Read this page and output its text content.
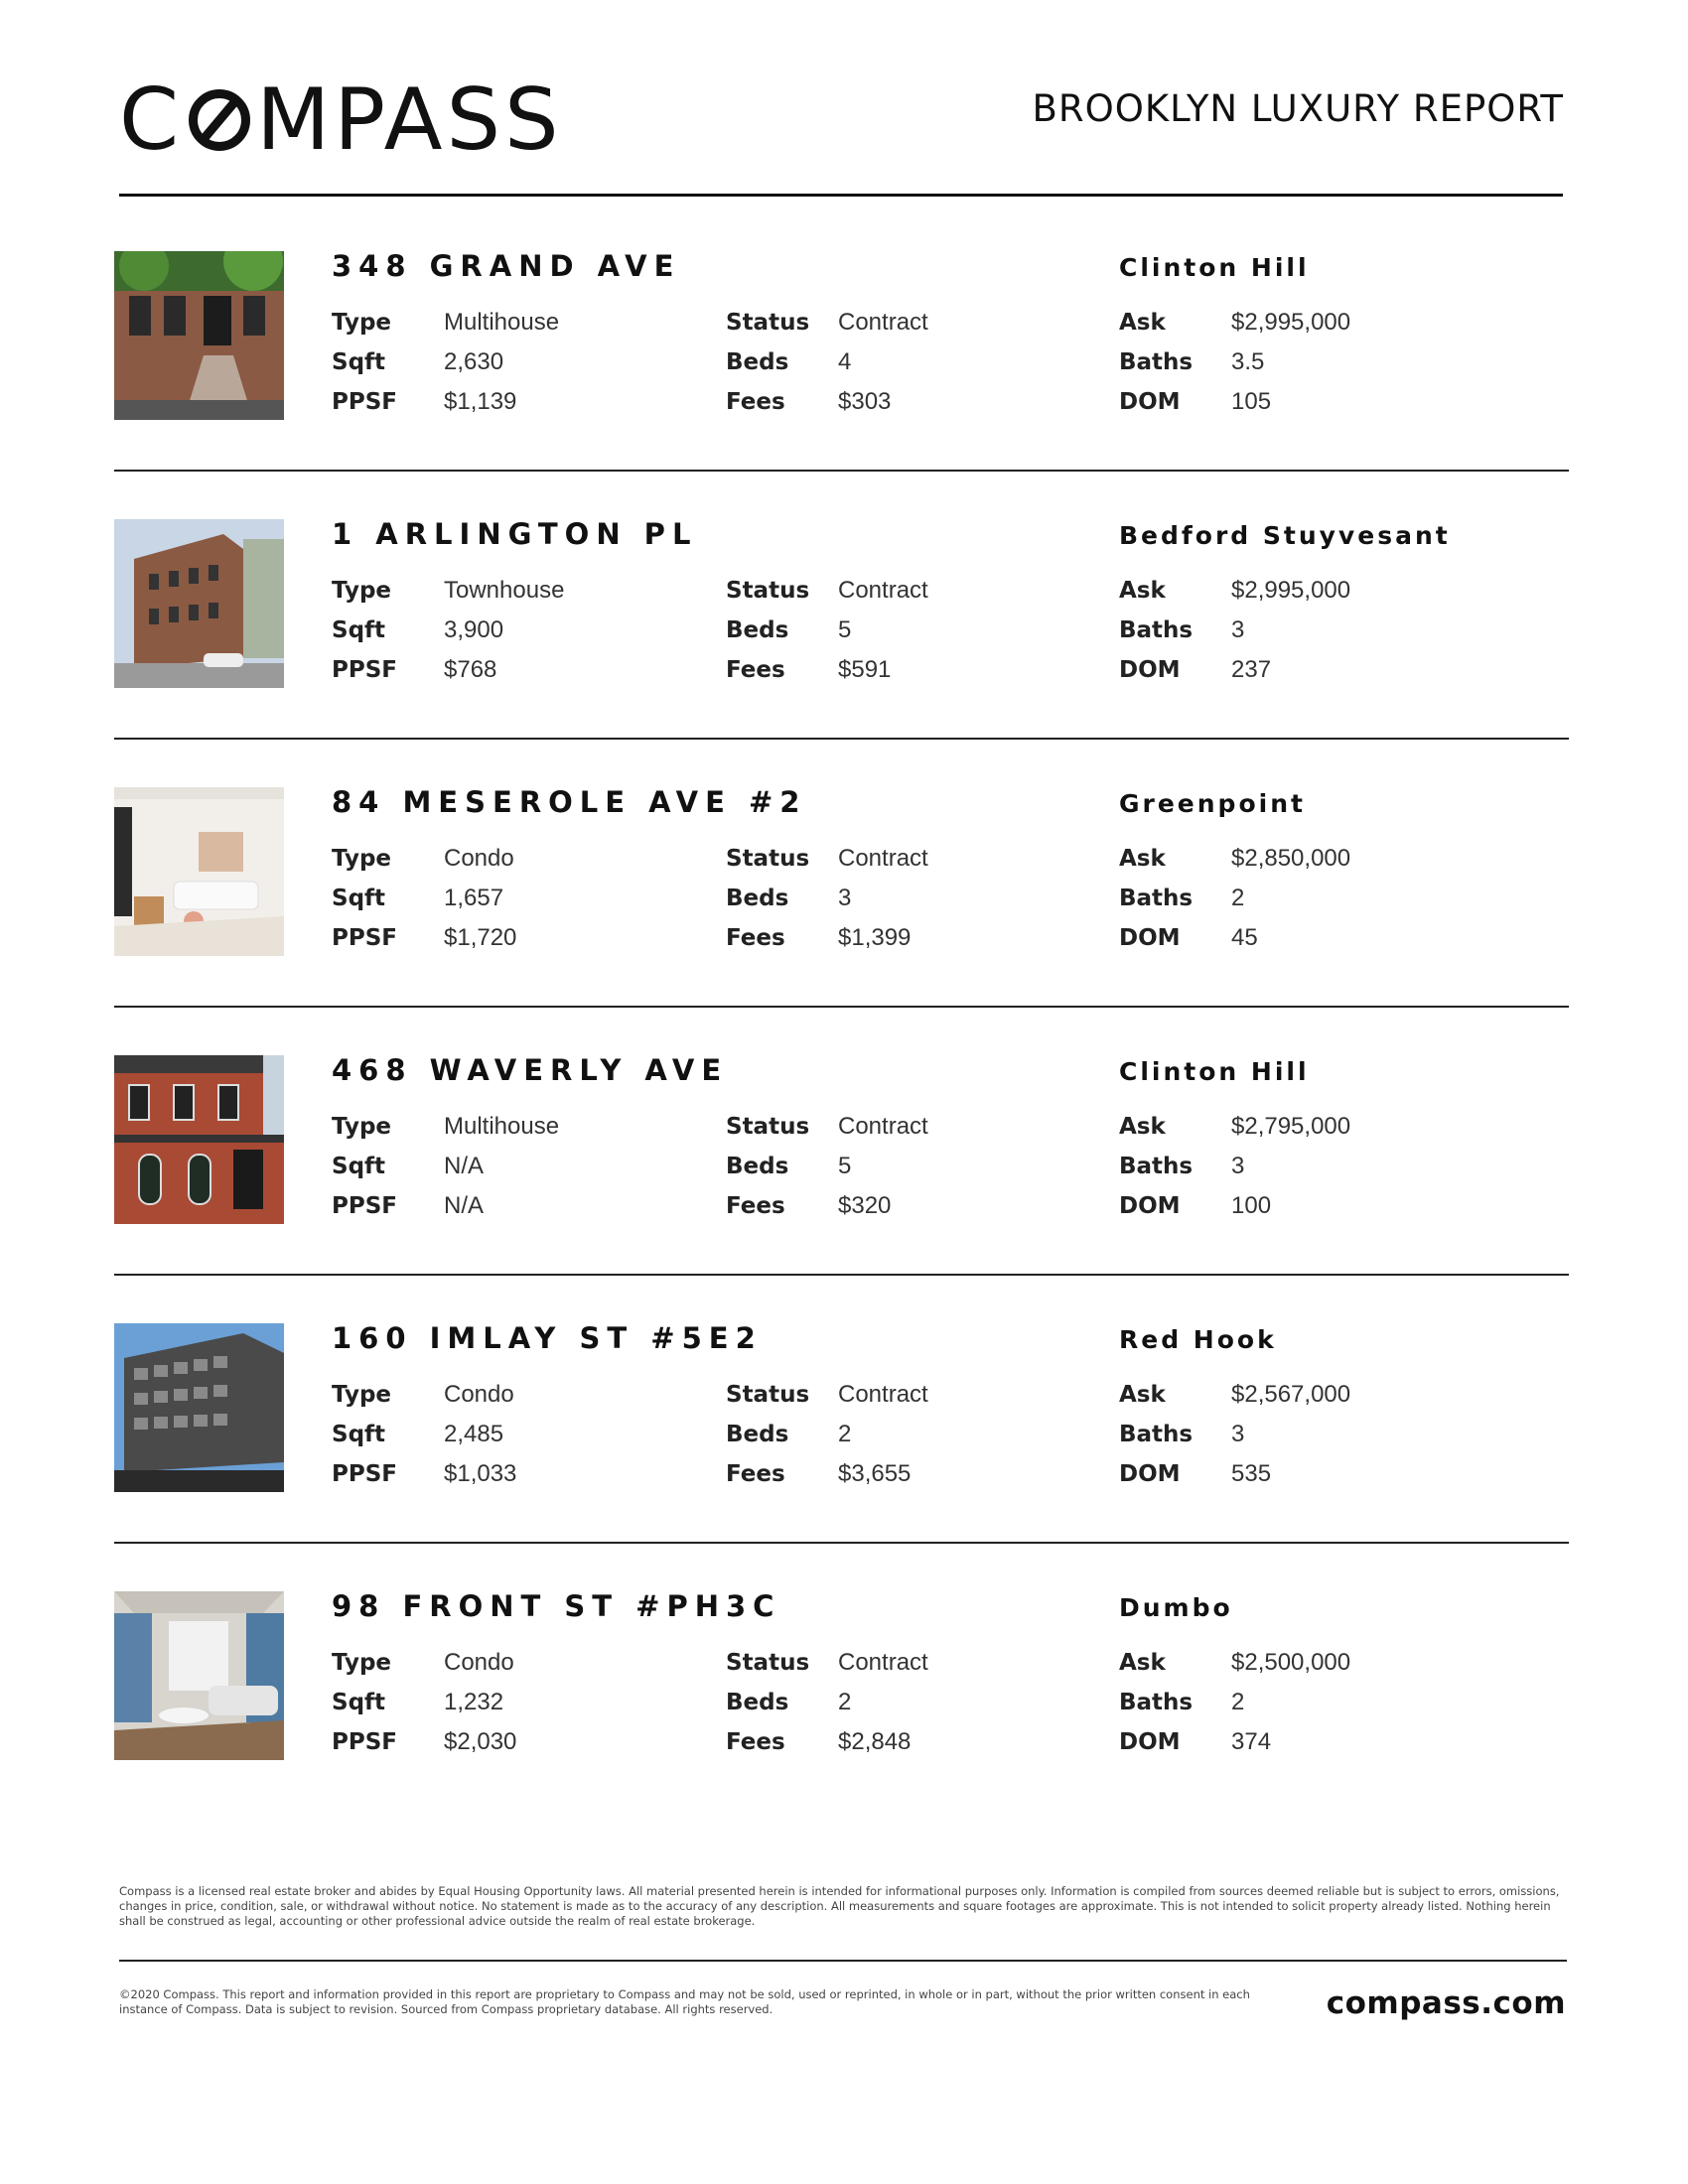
C MPASS	BROOKLYN LUXURY REPORT
348 GRAND AVE	Clinton Hill
Type	Multihouse
Sqft	2,630
PPSF	$1,139
Status	Contract
Beds	4
Fees	$303
Ask	$2,995,000
Baths	3.5
DOM	105
1 ARLINGTON PL	Bedford Stuyvesant
Type	Townhouse
Sqft	3,900
PPSF	$768
Status	Contract
Beds	5
Fees	$591
Ask	$2,995,000
Baths	3
DOM	237
84 MESEROLE AVE #2	Greenpoint
Type	Condo
Sqft	1,657
PPSF	$1,720
Status	Contract
Beds	3
Fees	$1,399
Ask	$2,850,000
Baths	2
DOM	45
468 WAVERLY AVE	Clinton Hill
Type	Multihouse
Sqft	N/A
PPSF	N/A
Status	Contract
Beds	5
Fees	$320
Ask	$2,795,000
Baths	3
DOM	100
160 IMLAY ST #5E2	Red Hook
Type	Condo
Sqft	2,485
PPSF	$1,033
Status	Contract
Beds	2
Fees	$3,655
Ask	$2,567,000
Baths	3
DOM	535
98 FRONT ST #PH3C	Dumbo
Type	Condo
Sqft	1,232
PPSF	$2,030
Status	Contract
Beds	2
Fees	$2,848
Ask	$2,500,000
Baths	2
DOM	374
Compass is a licensed real estate broker and abides by Equal Housing Opportunity laws. All material presented herein is intended for informational purposes only. Information is compiled from sources deemed reliable but is subject to errors, omissions, changes in price, condition, sale, or withdrawal without notice. No statement is made as to the accuracy of any description. All measurements and square footages are approximate. This is not intended to solicit property already listed. Nothing herein shall be construed as legal, accounting or other professional advice outside the realm of real estate brokerage.
©2020 Compass. This report and information provided in this report are proprietary to Compass and may not be sold, used or reprinted, in whole or in part, without the prior written consent in each instance of Compass. Data is subject to revision. Sourced from Compass proprietary database. All rights reserved.	compass.com
